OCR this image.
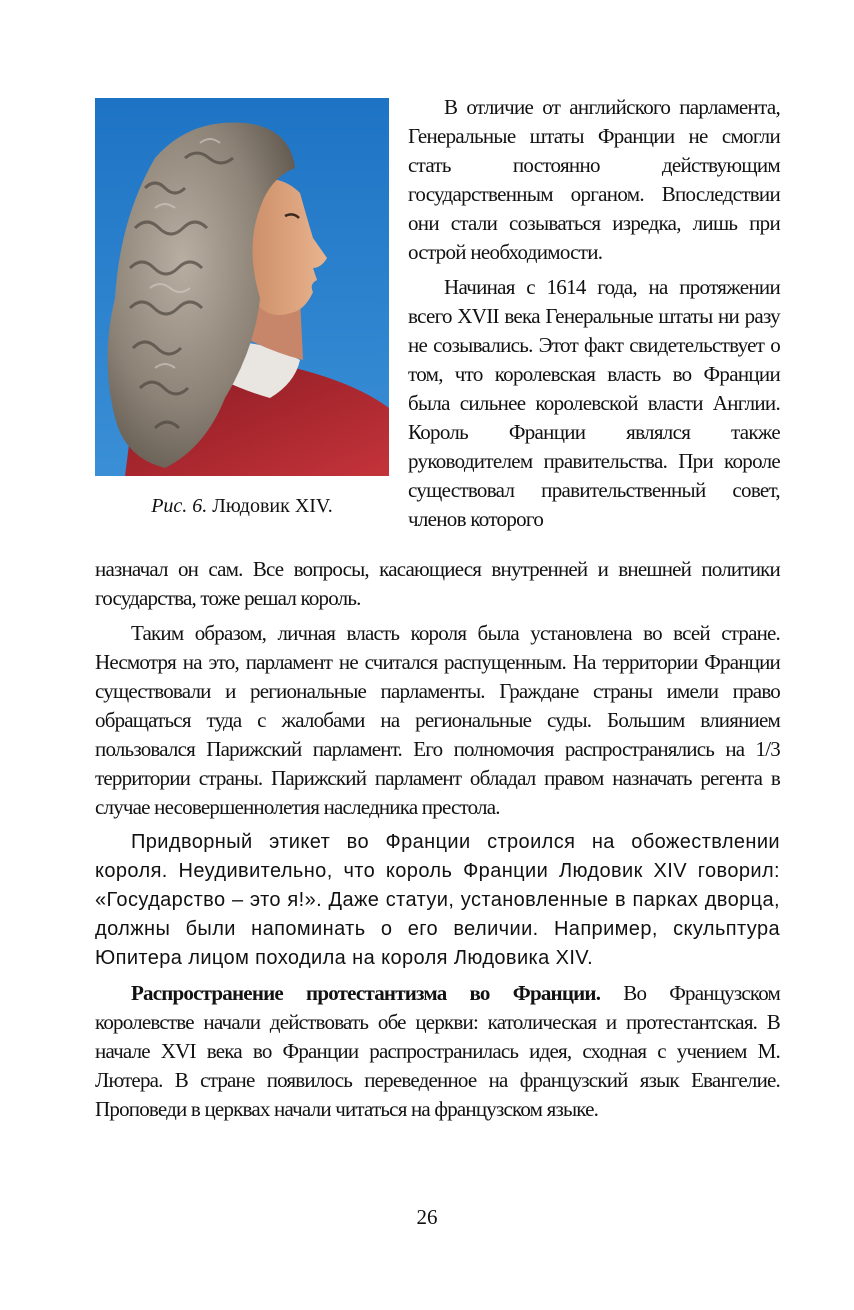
Рис. 6. Людовик XIV.

В отличие от английского парламента, Генеральные штаты Франции не смогли стать постоянно действующим государственным органом. Впоследствии они стали созываться изредка, лишь при острой необходимости.

Начиная с 1614 года, на протяжении всего XVII века Генеральные штаты ни разу не созывались. Этот факт свидетельствует о том, что королевская власть во Франции была сильнее королевской власти Англии. Король Франции являлся также руководителем правительства. При короле существовал правительственный совет, членов которого

назначал он сам. Все вопросы, касающиеся внутренней и внешней политики государства, тоже решал король.

Таким образом, личная власть короля была установлена во всей стране. Несмотря на это, парламент не считался распущенным. На территории Франции существовали и региональные парламенты. Граждане страны имели право обращаться туда с жалобами на региональные суды. Большим влиянием пользовался Парижский парламент. Его полномочия распространялись на 1/3 территории страны. Парижский парламент обладал правом назначать регента в случае несовершеннолетия наследника престола.

Придворный этикет во Франции строился на обожествлении короля. Неудивительно, что король Франции Людовик XIV говорил: «Государство – это я!». Даже статуи, установленные в парках дворца, должны были напоминать о его величии. Например, скульптура Юпитера лицом походила на короля Людовика XIV.

Распространение протестантизма во Франции. Во Французском королевстве начали действовать обе церкви: католическая и протестантская. В начале XVI века во Франции распространилась идея, сходная с учением М. Лютера. В стране появилось переведенное на французский язык Евангелие. Проповеди в церквах начали читаться на французском языке.

26
